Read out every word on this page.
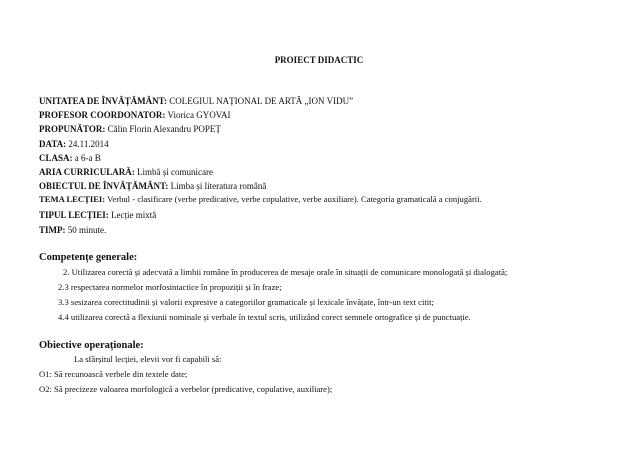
PROIECT DIDACTIC
UNITATEA DE ÎNVĂȚĂMÂNT: COLEGIUL NAȚIONAL DE ARTĂ „ION VIDU”
PROFESOR COORDONATOR: Viorica GYOVAI
PROPUNĂTOR: Călin Florin Alexandru POPEȚ
DATA: 24.11.2014
CLASA: a 6-a B
ARIA CURRICULARĂ: Limbă și comunicare
OBIECTUL DE ÎNVĂȚĂMÂNT: Limba și literatura română
TEMA LECȚIEI: Verbul - clasificare (verbe predicative, verbe copulative, verbe auxiliare). Categoria gramaticală a conjugării.
TIPUL LECȚIEI: Lecție mixtă
TIMP: 50 minute.
Competențe generale:
2. Utilizarea corectă și adecvată a limbii române în producerea de mesaje orale în situații de comunicare monologată și dialogată;
2.3 respectarea normelor morfosintactice în propoziții și în fraze;
3.3 sesizarea corectitudinii și valorii expresive a categoriilor gramaticale și lexicale învățate, într-un text citit;
4.4 utilizarea corectă a flexiunii nominale și verbale în textul scris, utilizând corect semnele ortografice și de punctuație.
Obiective operaționale:
La sfârșitul lecției, elevii vor fi capabili să:
O1: Să recunoască verbele din textele date;
O2: Să precizeze valoarea morfologică a verbelor (predicative, copulative, auxiliare);
